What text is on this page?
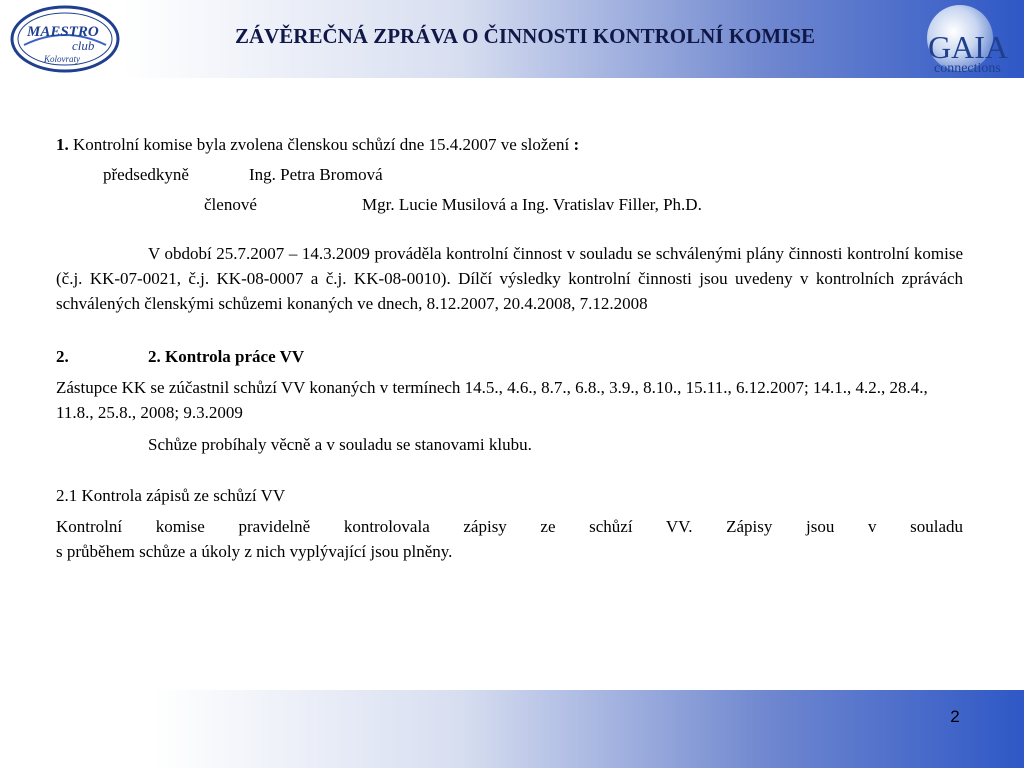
MAESTRO
club
Kolovraty
ZÁVĚREČNÁ ZPRÁVA O ČINNOSTI KONTROLNÍ KOMISE	GAIA
connections

1. Kontrolní komise byla zvolena členskou schůzí dne 15.4.2007 ve složení :

předsedkyně	Ing. Petra Bromová

členové	Mgr. Lucie Musilová a Ing. Vratislav Filler, Ph.D.

V období 25.7.2007 – 14.3.2009 prováděla kontrolní činnost v souladu se schválenými plány činnosti kontrolní komise (č.j. KK-07-0021, č.j. KK-08-0007 a č.j. KK-08-0010). Dílčí výsledky kontrolní činnosti jsou uvedeny v kontrolních zprávách schválených členskými schůzemi konaných ve dnech, 8.12.2007, 20.4.2008, 7.12.2008

2.	2. Kontrola práce VV

Zástupce KK se zúčastnil schůzí VV konaných v termínech 14.5., 4.6., 8.7., 6.8., 3.9., 8.10., 15.11., 6.12.2007; 14.1., 4.2., 28.4., 11.8., 25.8., 2008; 9.3.2009

Schůze probíhaly věcně a v souladu se stanovami klubu.

2.1 Kontrola zápisů ze schůzí VV

Kontrolní komise pravidelně kontrolovala zápisy ze schůzí VV. Zápisy jsou v souladu

s průběhem schůze a úkoly z nich vyplývající jsou plněny.

2
